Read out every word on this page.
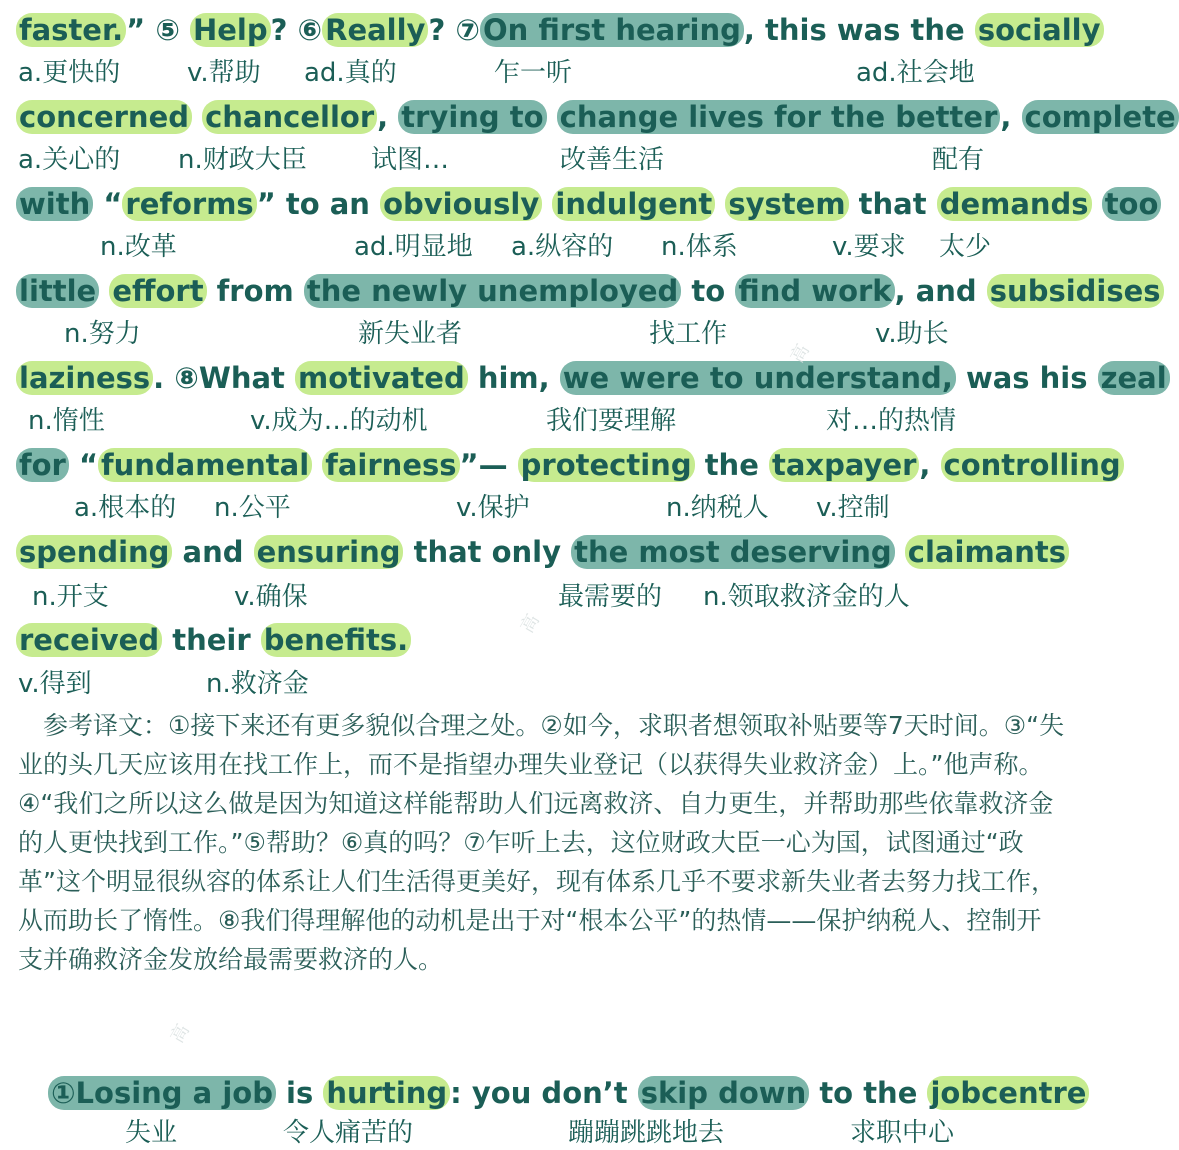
faster. ” ⑤ Help ? ⑥ Really ? ⑦ On first hearing , this was the socially
concerned chancellor , trying to change lives for the better , complete
with “ reforms ” to an obviously indulgent system that demands too
little effort from the newly unemployed to find work , and subsidises
laziness . ⑧What motivated him, we were to understand, was his zeal
for “ fundamental fairness ”— protecting the taxpayer , controlling
spending and ensuring that only the most deserving claimants
received their benefits.
①Losing a job is hurting : you don’t skip down to the jobcentre
a.更快的	v.帮助 ad.真的	乍一听	ad.社会地
a.关心的 n.财政大臣 试图…	改善生活	配有
n.改革	ad.明显地 a.纵容的 n.体系	v.要求 太少
n.努力	新失业者	找工作	v.助长
n.惰性	v.成为…的动机	我们要理解	对…的热情
a.根本的 n.公平	v.保护	n.纳税人 v.控制
n.开支	v.确保	最需要的 n.领取救济金的人
v.得到	n.救济金
失业	令人痛苦的	蹦蹦跳跳地去	求职中心

　参考译文：①接下来还有更多貌似合理之处。②如今，求职者想领取补贴要等7天时间。③“失业的头几天应该用在找工作上，而不是指望办理失业登记（以获得失业救济金）上。”他声称。④“我们之所以这么做是因为知道这样能帮助人们远离救济、自力更生，并帮助那些依靠救济金的人更快找到工作。”⑤帮助？⑥真的吗？⑦乍听上去，这位财政大臣一心为国，试图通过“政革”这个明显很纵容的体系让人们生活得更美好，现有体系几乎不要求新失业者去努力找工作，从而助长了惰性。⑧我们得理解他的动机是出于对“根本公平”的热情——保护纳税人、控制开支并确救济金发放给最需要救济的人。

高
高
高
